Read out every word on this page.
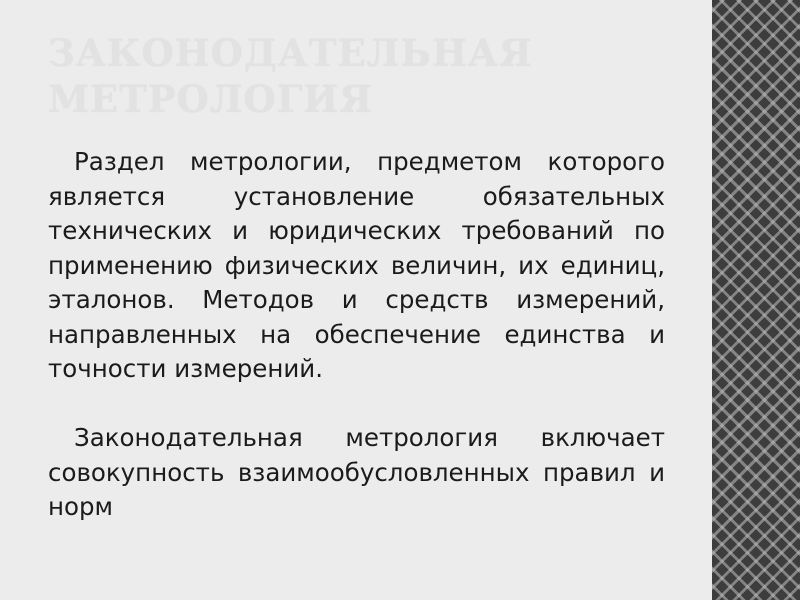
ЗАКОНОДАТЕЛЬНАЯ МЕТРОЛОГИЯ

Раздел метрологии, предметом которого является установление обязательных технических и юридических требований по применению физических величин, их единиц, эталонов. Методов и средств измерений, направленных на обеспечение единства и точности измерений.

Законодательная метрология включает совокупность взаимообусловленных правил и норм
